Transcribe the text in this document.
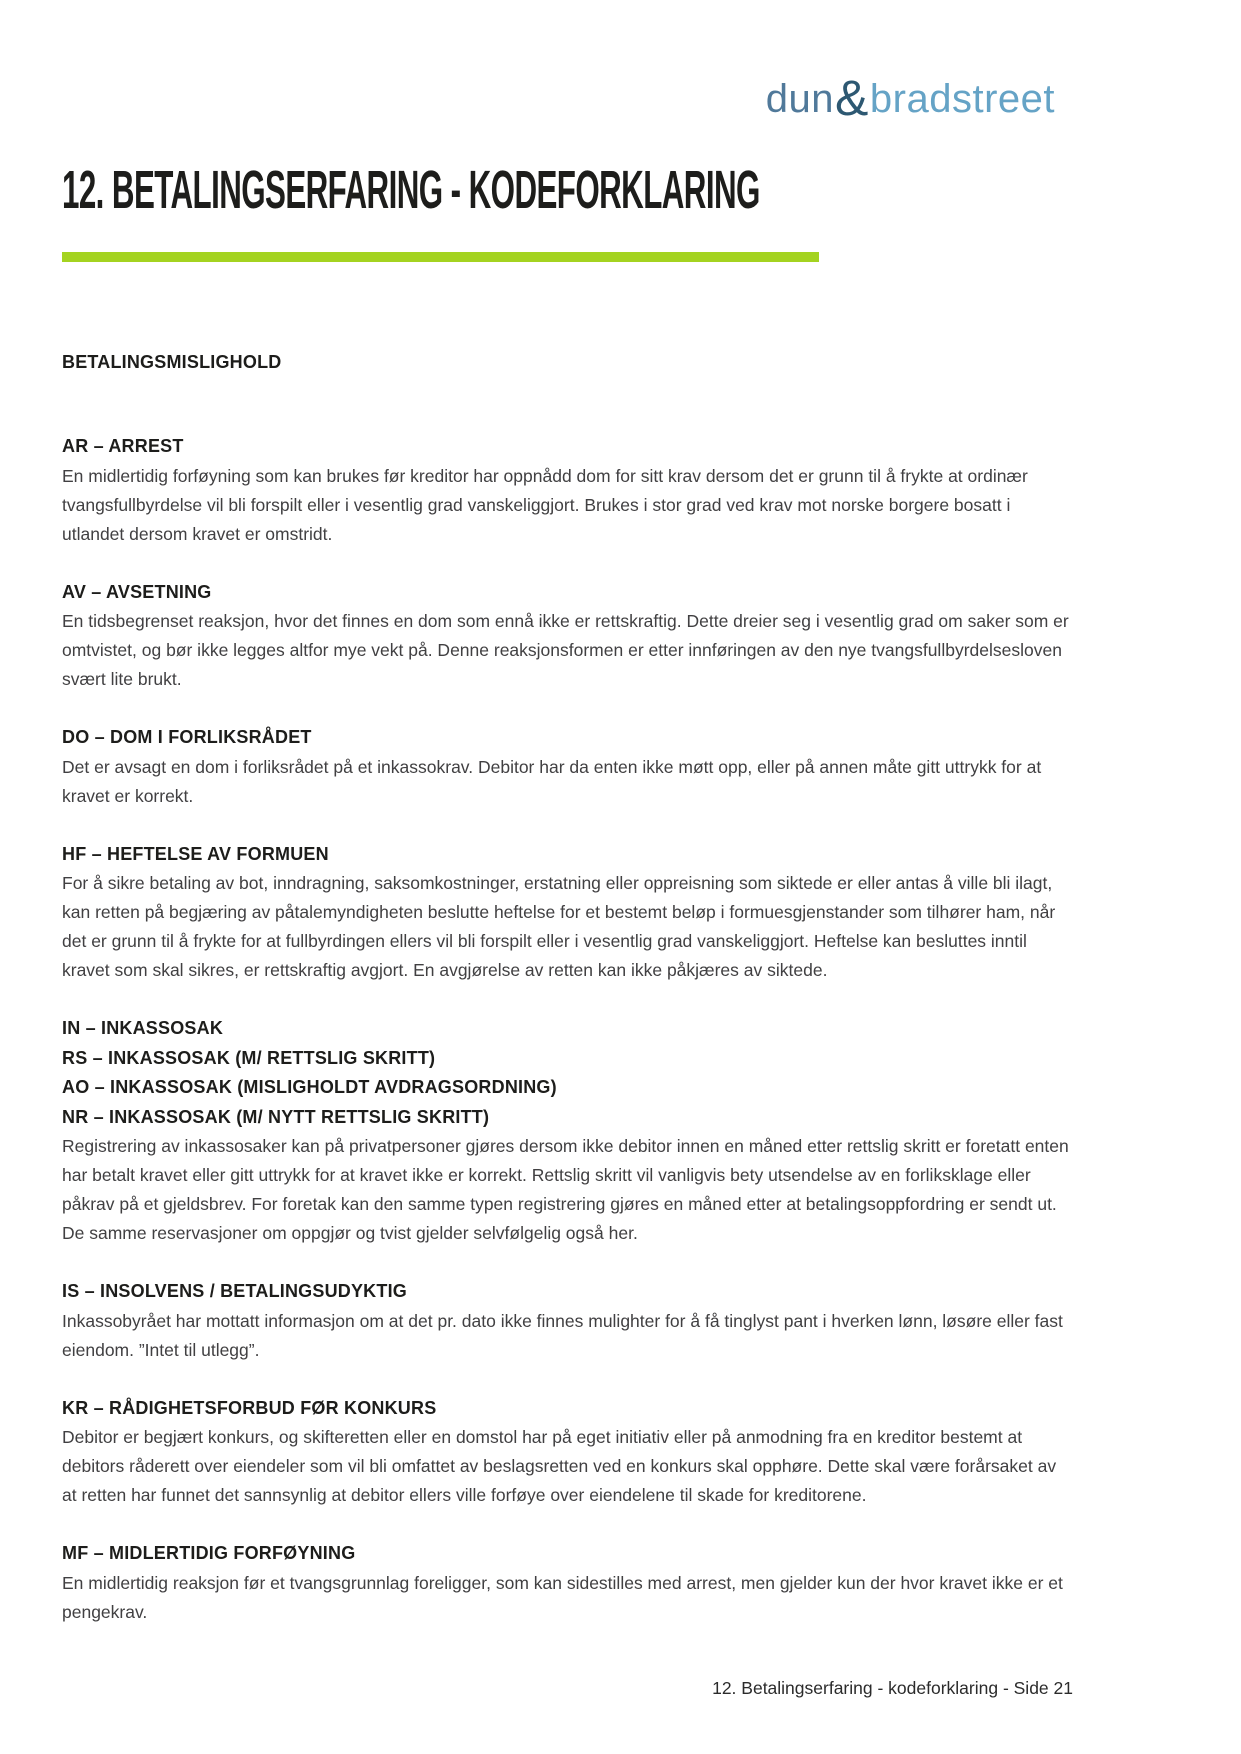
dun&bradstreet
12. BETALINGSERFARING - KODEFORKLARING
BETALINGSMISLIGHOLD
AR – ARREST

En midlertidig forføyning som kan brukes før kreditor har oppnådd dom for sitt krav dersom det er grunn til å frykte at ordinær tvangsfullbyrdelse vil bli forspilt eller i vesentlig grad vanskeliggjort. Brukes i stor grad ved krav mot norske borgere bosatt i utlandet dersom kravet er omstridt.

AV – AVSETNING

En tidsbegrenset reaksjon, hvor det finnes en dom som ennå ikke er rettskraftig. Dette dreier seg i vesentlig grad om saker som er omtvistet, og bør ikke legges altfor mye vekt på. Denne reaksjonsformen er etter innføringen av den nye tvangsfullbyrdelsesloven svært lite brukt.

DO – DOM I FORLIKSRÅDET

Det er avsagt en dom i forliksrådet på et inkassokrav. Debitor har da enten ikke møtt opp, eller på annen måte gitt uttrykk for at kravet er korrekt.

HF – HEFTELSE AV FORMUEN

For å sikre betaling av bot, inndragning, saksomkostninger, erstatning eller oppreisning som siktede er eller antas å ville bli ilagt, kan retten på begjæring av påtalemyndigheten beslutte heftelse for et bestemt beløp i formuesgjenstander som tilhører ham, når det er grunn til å frykte for at fullbyrdingen ellers vil bli forspilt eller i vesentlig grad vanskeliggjort. Heftelse kan besluttes inntil kravet som skal sikres, er rettskraftig avgjort. En avgjørelse av retten kan ikke påkjæres av siktede.

IN – INKASSOSAK
RS – INKASSOSAK (M/ RETTSLIG SKRITT)
AO – INKASSOSAK (MISLIGHOLDT AVDRAGSORDNING)
NR – INKASSOSAK (M/ NYTT RETTSLIG SKRITT)

Registrering av inkassosaker kan på privatpersoner gjøres dersom ikke debitor innen en måned etter rettslig skritt er foretatt enten har betalt kravet eller gitt uttrykk for at kravet ikke er korrekt. Rettslig skritt vil vanligvis bety utsendelse av en forliksklage eller påkrav på et gjeldsbrev. For foretak kan den samme typen registrering gjøres en måned etter at betalingsoppfordring er sendt ut. De samme reservasjoner om oppgjør og tvist gjelder selvfølgelig også her.

IS – INSOLVENS / BETALINGSUDYKTIG

Inkassobyrået har mottatt informasjon om at det pr. dato ikke finnes mulighter for å få tinglyst pant i hverken lønn, løsøre eller fast eiendom. ”Intet til utlegg”.

KR – RÅDIGHETSFORBUD FØR KONKURS

Debitor er begjært konkurs, og skifteretten eller en domstol har på eget initiativ eller på anmodning fra en kreditor bestemt at debitors råderett over eiendeler som vil bli omfattet av beslagsretten ved en konkurs skal opphøre. Dette skal være forårsaket av at retten har funnet det sannsynlig at debitor ellers ville forføye over eiendelene til skade for kreditorene.

MF – MIDLERTIDIG FORFØYNING

En midlertidig reaksjon før et tvangsgrunnlag foreligger, som kan sidestilles med arrest, men gjelder kun der hvor kravet ikke er et pengekrav.

12. Betalingserfaring - kodeforklaring - Side 21
